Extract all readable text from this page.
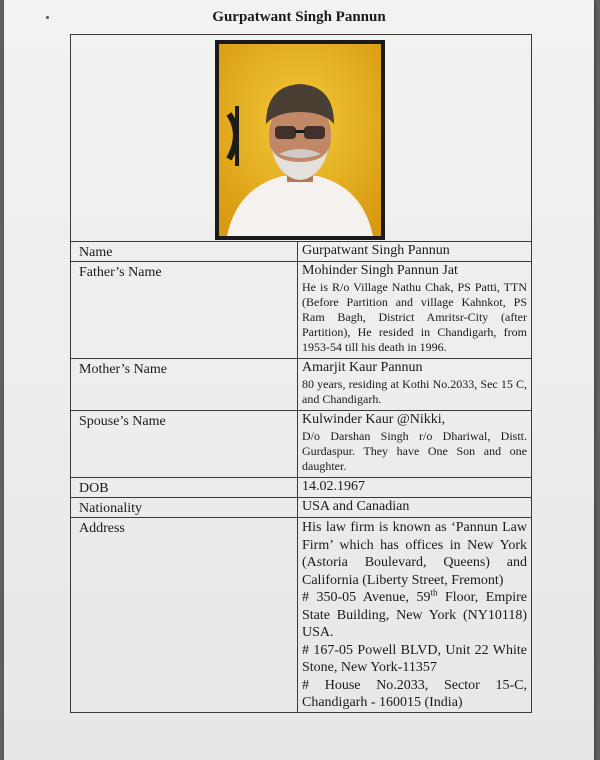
Gurpatwant Singh Pannun

Name	Gurpatwant Singh Pannun

Father’s Name	Mohinder Singh Pannun Jat
He is R/o Village Nathu Chak, PS Patti, TTN (Before Partition and village Kahnkot, PS Ram Bagh, District Amritsr-City (after Partition), He resided in Chandigarh, from 1953-54 till his death in 1996.

Mother’s Name	Amarjit Kaur Pannun
80 years, residing at Kothi No.2033, Sec 15 C, and Chandigarh.

Spouse’s Name	Kulwinder Kaur @Nikki,
D/o Darshan Singh r/o Dhariwal, Distt. Gurdaspur. They have One Son and one daughter.

DOB	14.02.1967

Nationality	USA and Canadian

Address	His law firm is known as ‘Pannun Law Firm’ which has offices in New York (Astoria Boulevard, Queens) and California (Liberty Street, Fremont)

# 350-05 Avenue, 59th Floor, Empire State Building, New York (NY10118) USA.

# 167-05 Powell BLVD, Unit 22 White Stone, New York-11357

# House No.2033, Sector 15-C, Chandigarh - 160015 (India)
